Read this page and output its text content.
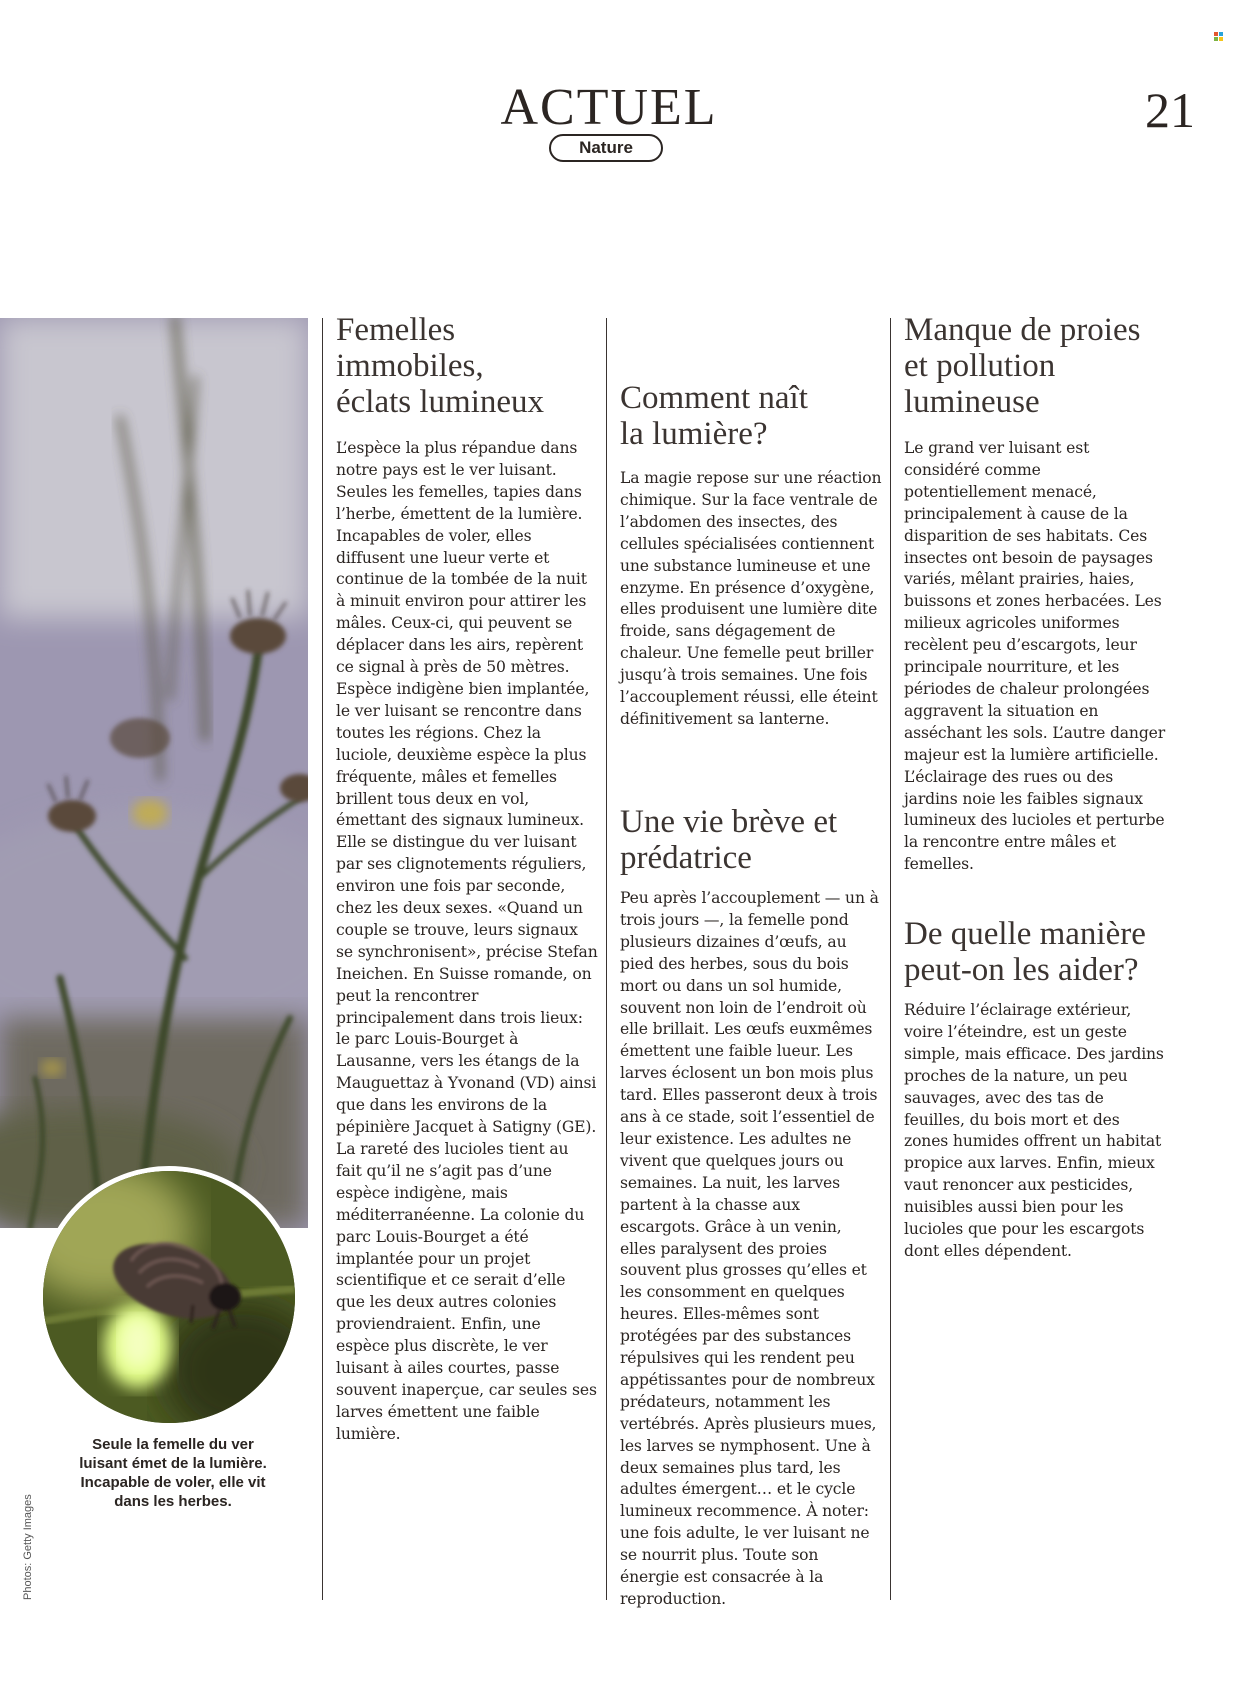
ACTUEL
Nature
21
Seule la femelle du ver luisant émet de la lumière. Incapable de voler, elle vit dans les herbes.
Photos: Getty Images
Femelles immobiles, éclats lumineux

L’espèce la plus répandue dans notre pays est le ver luisant. Seules les femelles, tapies dans l’herbe, émettent de la lumière. Incapables de voler, elles diffusent une lueur verte et continue de la tombée de la nuit à minuit environ pour attirer les mâles. Ceux-ci, qui peuvent se déplacer dans les airs, repèrent ce signal à près de 50 mètres. Espèce indigène bien implantée, le ver luisant se rencontre dans toutes les régions. Chez la luciole, deuxième espèce la plus fréquente, mâles et femelles brillent tous deux en vol, émettant des signaux lumineux. Elle se distingue du ver luisant par ses clignotements réguliers, environ une fois par seconde, chez les deux sexes. «Quand un couple se trouve, leurs signaux se synchronisent», précise Stefan Ineichen. En Suisse romande, on peut la rencontrer principalement dans trois lieux: le parc Louis-Bourget à Lausanne, vers les étangs de la Mauguettaz à Yvonand (VD) ainsi que dans les environs de la pépinière Jacquet à Satigny (GE). La rareté des lucioles tient au fait qu’il ne s’agit pas d’une espèce indigène, mais méditerranéenne. La colonie du parc Louis-Bourget a été implantée pour un projet scientifique et ce serait d’elle que les deux autres colonies proviendraient. Enfin, une espèce plus discrète, le ver luisant à ailes courtes, passe souvent inaperçue, car seules ses larves émettent une faible lumière.

Comment naît la lumière?

La magie repose sur une réaction chimique. Sur la face ventrale de l’abdomen des insectes, des cellules spécialisées contiennent une substance lumineuse et une enzyme. En présence d’oxygène, elles produisent une lumière dite froide, sans dégagement de chaleur. Une femelle peut briller jusqu’à trois semaines. Une fois l’accouplement réussi, elle éteint définitivement sa lanterne.

Une vie brève et prédatrice

Peu après l’accouplement — un à trois jours —, la femelle pond plusieurs dizaines d’œufs, au pied des herbes, sous du bois mort ou dans un sol humide, souvent non loin de l’endroit où elle brillait. Les œufs euxmêmes émettent une faible lueur. Les larves éclosent un bon mois plus tard. Elles passeront deux à trois ans à ce stade, soit l’essentiel de leur existence. Les adultes ne vivent que quelques jours ou semaines. La nuit, les larves partent à la chasse aux escargots. Grâce à un venin, elles paralysent des proies souvent plus grosses qu’elles et les consomment en quelques heures. Elles-mêmes sont protégées par des substances répulsives qui les rendent peu appétissantes pour de nombreux prédateurs, notamment les vertébrés. Après plusieurs mues, les larves se nymphosent. Une à deux semaines plus tard, les adultes émergent… et le cycle lumineux recommence. À noter: une fois adulte, le ver luisant ne se nourrit plus. Toute son énergie est consacrée à la reproduction.

Manque de proies et pollution lumineuse

Le grand ver luisant est considéré comme potentiellement menacé, principalement à cause de la disparition de ses habitats. Ces insectes ont besoin de paysages variés, mêlant prairies, haies, buissons et zones herbacées. Les milieux agricoles uniformes recèlent peu d’escargots, leur principale nourriture, et les périodes de chaleur prolongées aggravent la situation en asséchant les sols. L’autre danger majeur est la lumière artificielle. L’éclairage des rues ou des jardins noie les faibles signaux lumineux des lucioles et perturbe la rencontre entre mâles et femelles.

De quelle manière peut-on les aider?

Réduire l’éclairage extérieur, voire l’éteindre, est un geste simple, mais efficace. Des jardins proches de la nature, un peu sauvages, avec des tas de feuilles, du bois mort et des zones humides offrent un habitat propice aux larves. Enfin, mieux vaut renoncer aux pesticides, nuisibles aussi bien pour les lucioles que pour les escargots dont elles dépendent.
